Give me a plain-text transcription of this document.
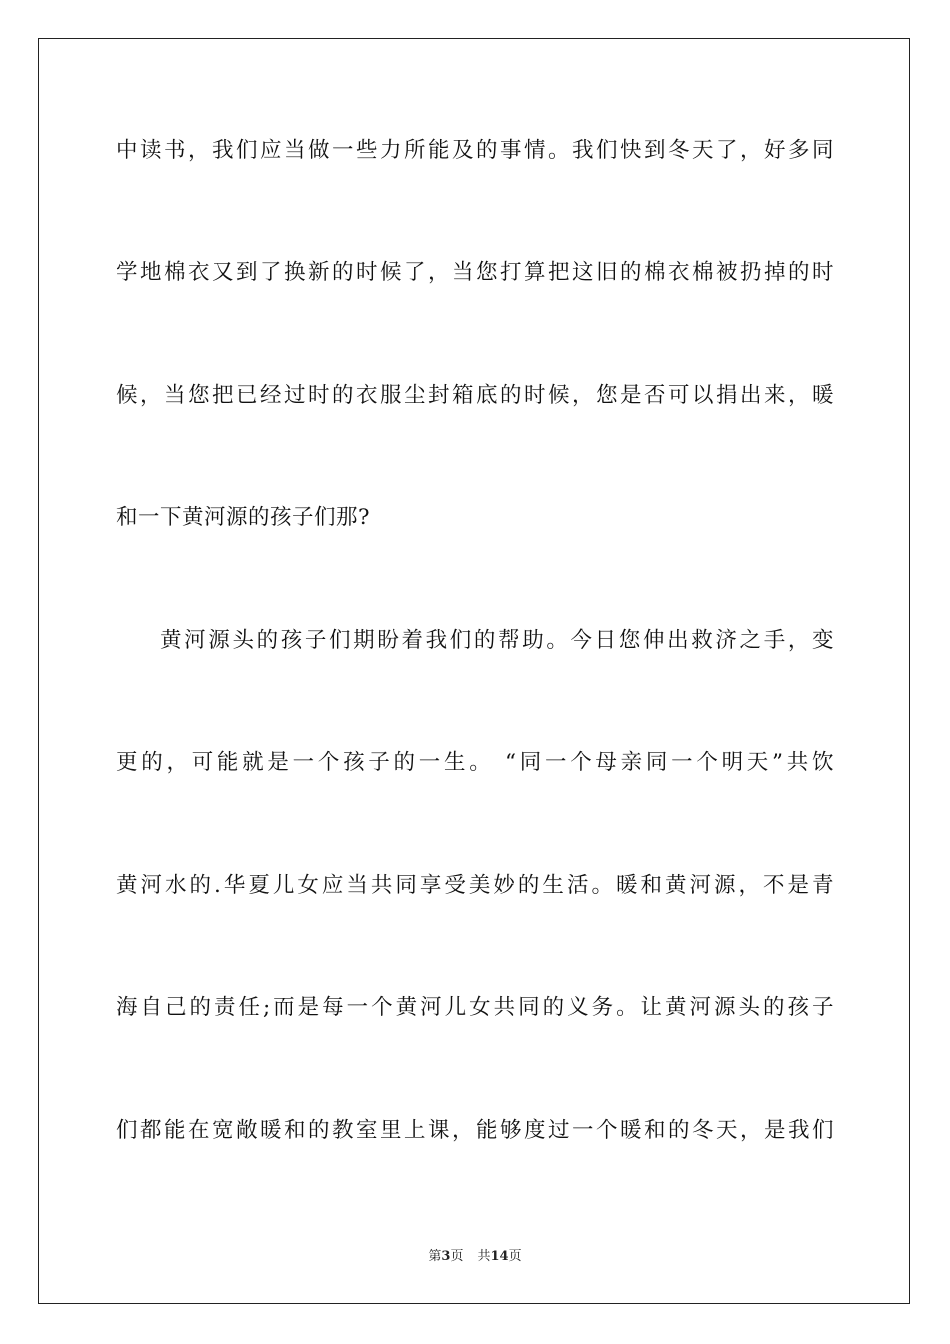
中读书，我们应当做一些力所能及的事情。我们快到冬天了，好多同
学地棉衣又到了换新的时候了，当您打算把这旧的棉衣棉被扔掉的时
候，当您把已经过时的衣服尘封箱底的时候，您是否可以捐出来，暖
和一下黄河源的孩子们那?
黄河源头的孩子们期盼着我们的帮助。今日您伸出救济之手，变
更的，可能就是一个孩子的一生。 “同一个母亲同一个明天”共饮
黄河水的.华夏儿女应当共同享受美妙的生活。暖和黄河源，不是青
海自己的责任;而是每一个黄河儿女共同的义务。让黄河源头的孩子
们都能在宽敞暖和的教室里上课，能够度过一个暖和的冬天，是我们
第3页 共14页
